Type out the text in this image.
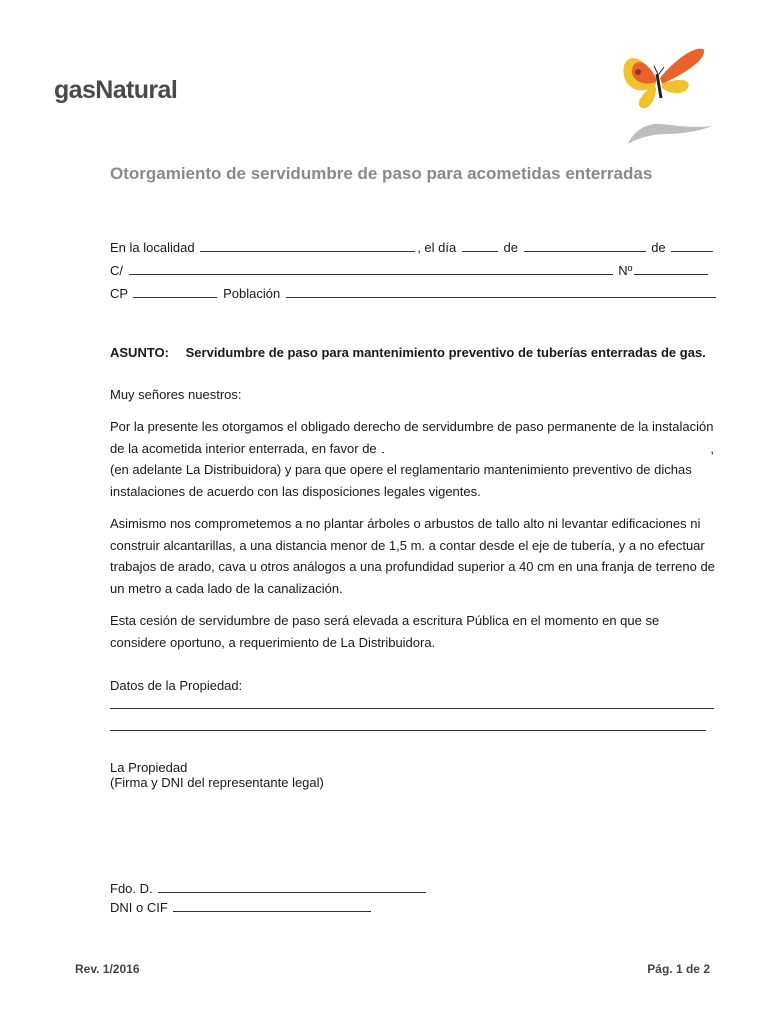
gasNatural
Otorgamiento de servidumbre de paso para acometidas enterradas
En la localidad	, el día	de	de
C/	Nº
CP	Población
ASUNTO: Servidumbre de paso para mantenimiento preventivo de tuberías enterradas de gas.
Muy señores nuestros:

Por la presente les otorgamos el obligado derecho de servidumbre de paso permanente de la instalación

de la acometida interior enterrada, en favor de	,

(en adelante La Distribuidora) y para que opere el reglamentario mantenimiento preventivo de dichas

instalaciones de acuerdo con las disposiciones legales vigentes.

Asimismo nos comprometemos a no plantar árboles o arbustos de tallo alto ni levantar edificaciones ni construir alcantarillas, a una distancia menor de 1,5 m. a contar desde el eje de tubería, y a no efectuar trabajos de arado, cava u otros análogos a una profundidad superior a 40 cm en una franja de terreno de un metro a cada lado de la canalización.

Esta cesión de servidumbre de paso será elevada a escritura Pública en el momento en que se considere oportuno, a requerimiento de La Distribuidora.

Datos de la Propiedad:

La Propiedad

(Firma y DNI del representante legal)

Fdo. D.
DNI o CIF
Rev. 1/2016	Pág. 1 de 2
